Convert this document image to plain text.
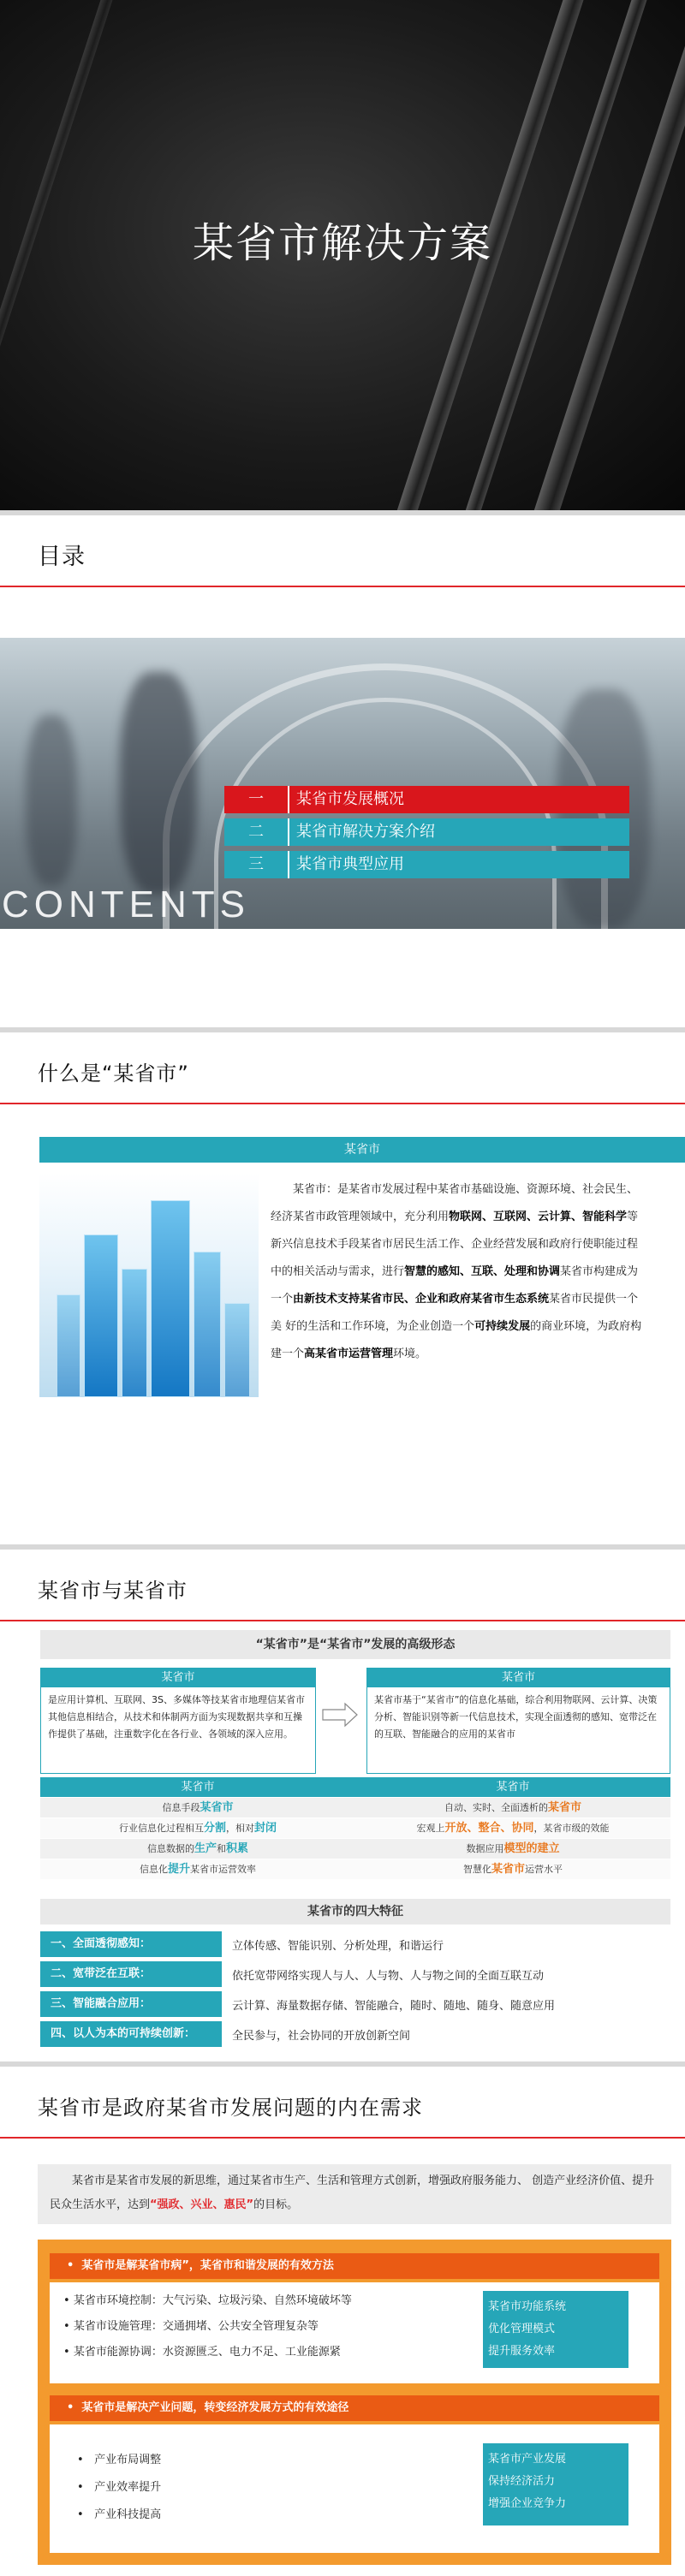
某省市解决方案
目录
CONTENTS
一	某省市发展概况
二	某省市解决方案介绍
三	某省市典型应用
什么是“某省市”
某省市
某省市：是某省市发展过程中某省市基础设施、资源环境、社会民生、经济某省市政管理领域中，充分利用物联网、互联网、云计算、智能科学等新兴信息技术手段某省市居民生活工作、企业经营发展和政府行使职能过程中的相关活动与需求，进行智慧的感知、互联、处理和协调某省市构建成为一个由新技术支持某省市民、企业和政府某省市生态系统某省市民提供一个美 好的生活和工作环境，为企业创造一个可持续发展的商业环境，为政府构建一个高某省市运营管理环境。
某省市与某省市
“某省市”是“某省市”发展的高级形态
某省市
是应用计算机、互联网、3S、多媒体等技某省市地理信某省市其他信息相结合，从技术和体制两方面为实现数据共享和互操作提供了基础，注重数字化在各行业、各领域的深入应用。
某省市
某省市基于“某省市”的信息化基础，综合利用物联网、云计算、决策分析、智能识别等新一代信息技术，实现全面透彻的感知、宽带泛在的互联、智能融合的应用的某省市
某省市	某省市
信息手段某省市	自动、实时、全面透析的某省市
行业信息化过程相互分割，相对封闭	宏观上开放、整合、协同，某省市级的效能
信息数据的生产和积累	数据应用模型的建立
信息化提升某省市运营效率	智慧化某省市运营水平
某省市的四大特征
一、全面透彻感知：	立体传感、智能识别、分析处理，和谐运行
二、宽带泛在互联：	依托宽带网络实现人与人、人与物、人与物之间的全面互联互动
三、智能融合应用：	云计算、海量数据存储、智能融合，随时、随地、随身、随意应用
四、以人为本的可持续创新：	全民参与，社会协同的开放创新空间
某省市是政府某省市发展问题的内在需求
某省市是某省市发展的新思维，通过某省市生产、生活和管理方式创新，增强政府服务能力、 创造产业经济价值、提升民众生活水平，达到“强政、兴业、惠民”的目标。
•  某省市是解某省市病”，某省市和谐发展的有效方法
• 某省市环境控制：大气污染、垃圾污染、自然环境破坏等
• 某省市设施管理：交通拥堵、公共安全管理复杂等
• 某省市能源协调：水资源匮乏、电力不足、工业能源紧
某省市功能系统
优化管理模式
提升服务效率
•  某省市是解决产业问题，转变经济发展方式的有效途径
•   产业布局调整
•   产业效率提升
•   产业科技提高
某省市产业发展
保持经济活力
增强企业竞争力
